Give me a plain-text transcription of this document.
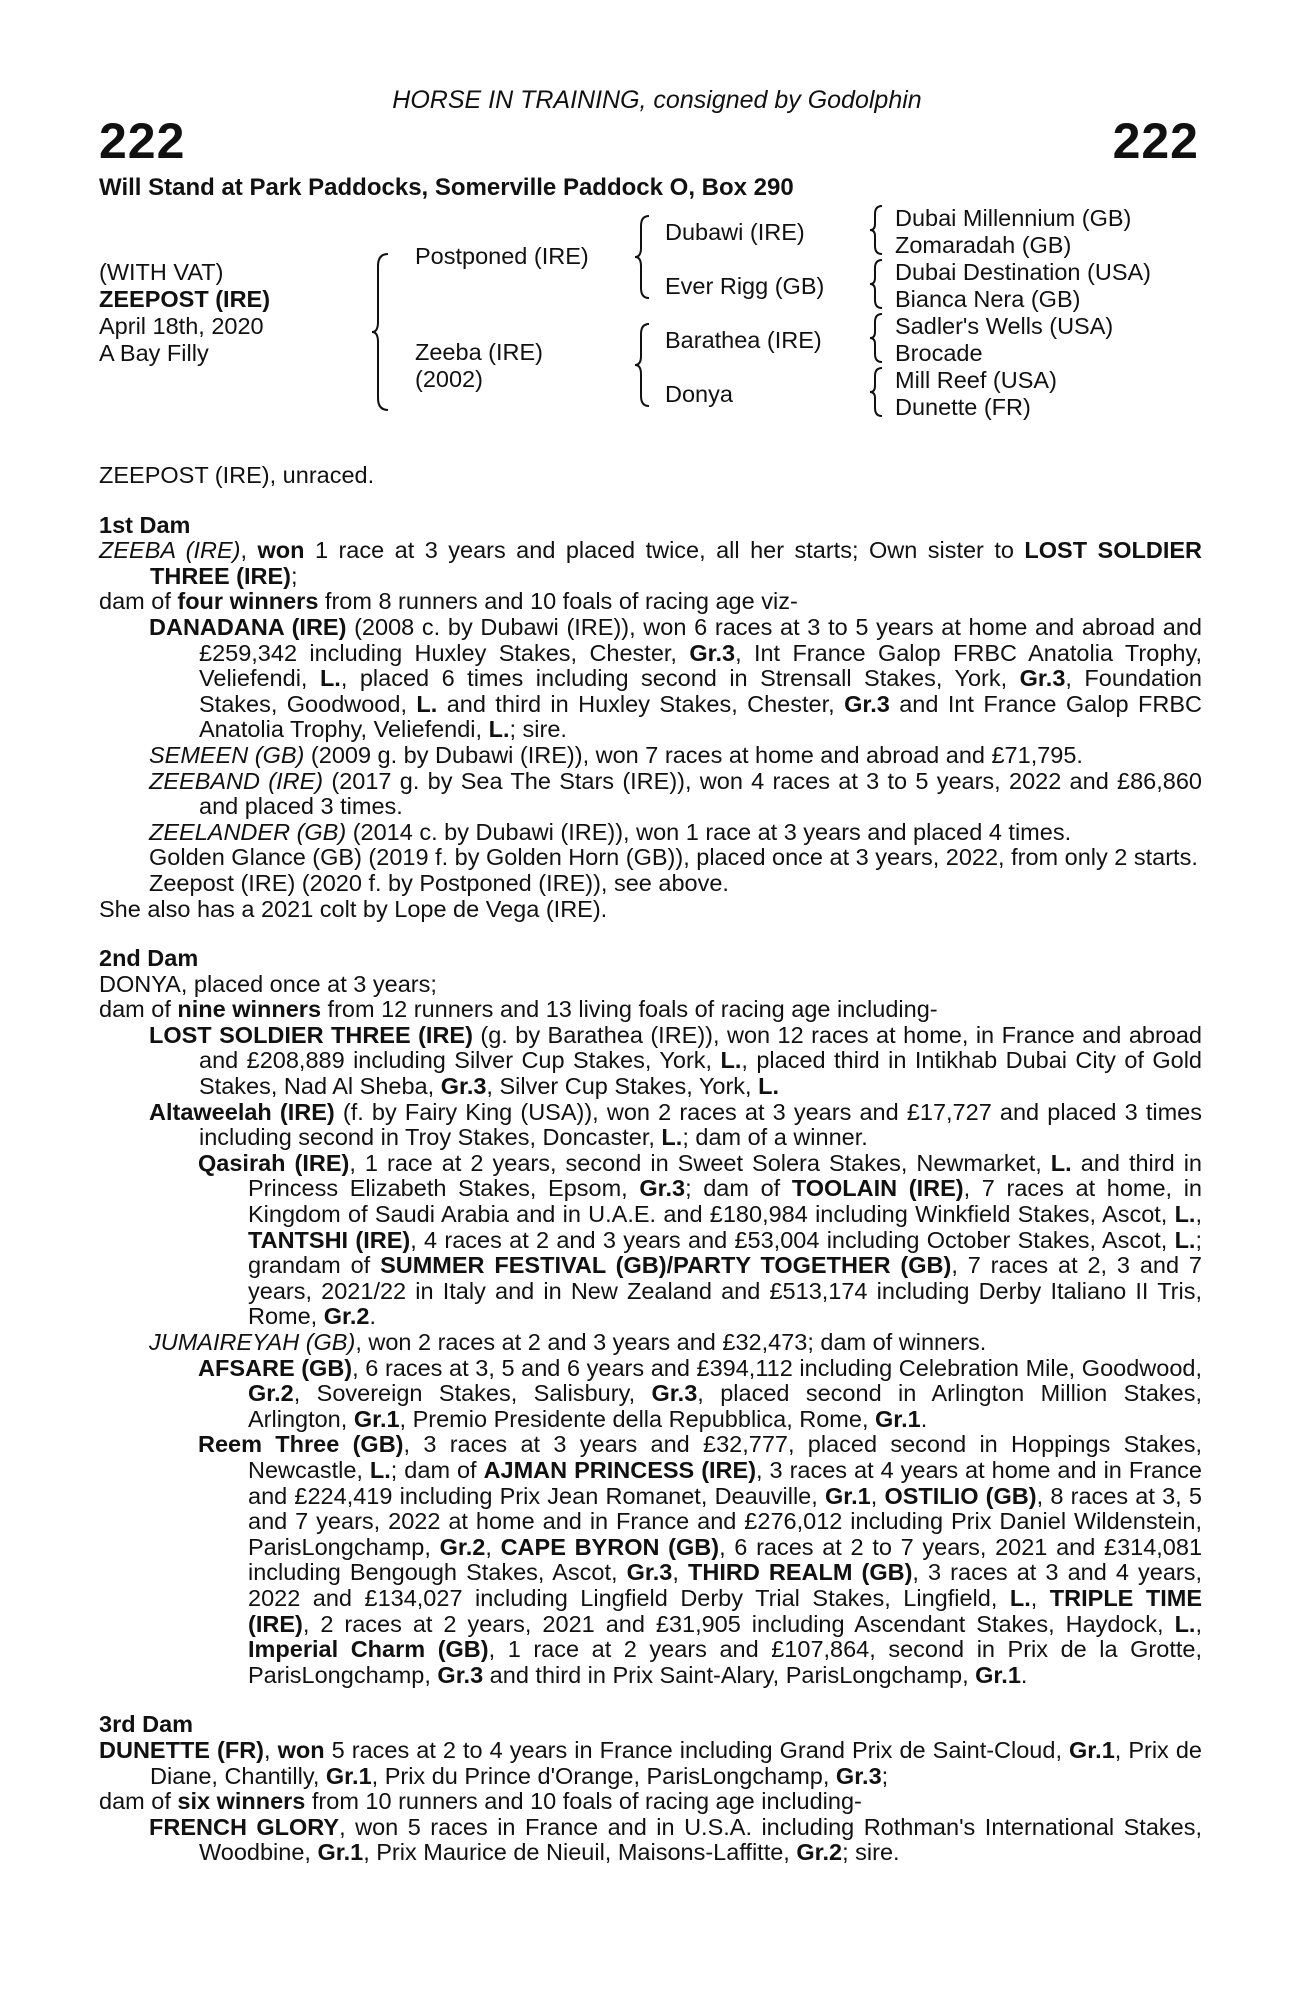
HORSE IN TRAINING, consigned by Godolphin
222	222
Will Stand at Park Paddocks, Somerville Paddock O, Box 290
(WITH VAT)
ZEEPOST (IRE)
April 18th, 2020
A Bay Filly
Postponed (IRE)
Zeeba (IRE)
(2002)
Dubawi (IRE)
Ever Rigg (GB)
Barathea (IRE)
Donya
Dubai Millennium (GB)
Zomaradah (GB)
Dubai Destination (USA)
Bianca Nera (GB)
Sadler's Wells (USA)
Brocade
Mill Reef (USA)
Dunette (FR)

ZEEPOST (IRE), unraced.

1st Dam

ZEEBA (IRE), won 1 race at 3 years and placed twice, all her starts; Own sister to LOST SOLDIER THREE (IRE);

dam of four winners from 8 runners and 10 foals of racing age viz-

DANADANA (IRE) (2008 c. by Dubawi (IRE)), won 6 races at 3 to 5 years at home and abroad and £259,342 including Huxley Stakes, Chester, Gr.3, Int France Galop FRBC Anatolia Trophy, Veliefendi, L., placed 6 times including second in Strensall Stakes, York, Gr.3, Foundation Stakes, Goodwood, L. and third in Huxley Stakes, Chester, Gr.3 and Int France Galop FRBC Anatolia Trophy, Veliefendi, L.; sire.

SEMEEN (GB) (2009 g. by Dubawi (IRE)), won 7 races at home and abroad and £71,795.

ZEEBAND (IRE) (2017 g. by Sea The Stars (IRE)), won 4 races at 3 to 5 years, 2022 and £86,860 and placed 3 times.

ZEELANDER (GB) (2014 c. by Dubawi (IRE)), won 1 race at 3 years and placed 4 times.

Golden Glance (GB) (2019 f. by Golden Horn (GB)), placed once at 3 years, 2022, from only 2 starts.

Zeepost (IRE) (2020 f. by Postponed (IRE)), see above.

She also has a 2021 colt by Lope de Vega (IRE).

2nd Dam

DONYA, placed once at 3 years;

dam of nine winners from 12 runners and 13 living foals of racing age including-

LOST SOLDIER THREE (IRE) (g. by Barathea (IRE)), won 12 races at home, in France and abroad and £208,889 including Silver Cup Stakes, York, L., placed third in Intikhab Dubai City of Gold Stakes, Nad Al Sheba, Gr.3, Silver Cup Stakes, York, L.

Altaweelah (IRE) (f. by Fairy King (USA)), won 2 races at 3 years and £17,727 and placed 3 times including second in Troy Stakes, Doncaster, L.; dam of a winner.

Qasirah (IRE), 1 race at 2 years, second in Sweet Solera Stakes, Newmarket, L. and third in Princess Elizabeth Stakes, Epsom, Gr.3; dam of TOOLAIN (IRE), 7 races at home, in Kingdom of Saudi Arabia and in U.A.E. and £180,984 including Winkfield Stakes, Ascot, L., TANTSHI (IRE), 4 races at 2 and 3 years and £53,004 including October Stakes, Ascot, L.; grandam of SUMMER FESTIVAL (GB)/PARTY TOGETHER (GB), 7 races at 2, 3 and 7 years, 2021/22 in Italy and in New Zealand and £513,174 including Derby Italiano II Tris, Rome, Gr.2.

JUMAIREYAH (GB), won 2 races at 2 and 3 years and £32,473; dam of winners.

AFSARE (GB), 6 races at 3, 5 and 6 years and £394,112 including Celebration Mile, Goodwood, Gr.2, Sovereign Stakes, Salisbury, Gr.3, placed second in Arlington Million Stakes, Arlington, Gr.1, Premio Presidente della Repubblica, Rome, Gr.1.

Reem Three (GB), 3 races at 3 years and £32,777, placed second in Hoppings Stakes, Newcastle, L.; dam of AJMAN PRINCESS (IRE), 3 races at 4 years at home and in France and £224,419 including Prix Jean Romanet, Deauville, Gr.1, OSTILIO (GB), 8 races at 3, 5 and 7 years, 2022 at home and in France and £276,012 including Prix Daniel Wildenstein, ParisLongchamp, Gr.2, CAPE BYRON (GB), 6 races at 2 to 7 years, 2021 and £314,081 including Bengough Stakes, Ascot, Gr.3, THIRD REALM (GB), 3 races at 3 and 4 years, 2022 and £134,027 including Lingfield Derby Trial Stakes, Lingfield, L., TRIPLE TIME (IRE), 2 races at 2 years, 2021 and £31,905 including Ascendant Stakes, Haydock, L., Imperial Charm (GB), 1 race at 2 years and £107,864, second in Prix de la Grotte, ParisLongchamp, Gr.3 and third in Prix Saint-Alary, ParisLongchamp, Gr.1.

3rd Dam

DUNETTE (FR), won 5 races at 2 to 4 years in France including Grand Prix de Saint-Cloud, Gr.1, Prix de Diane, Chantilly, Gr.1, Prix du Prince d'Orange, ParisLongchamp, Gr.3;

dam of six winners from 10 runners and 10 foals of racing age including-

FRENCH GLORY, won 5 races in France and in U.S.A. including Rothman's International Stakes, Woodbine, Gr.1, Prix Maurice de Nieuil, Maisons-Laffitte, Gr.2; sire.
